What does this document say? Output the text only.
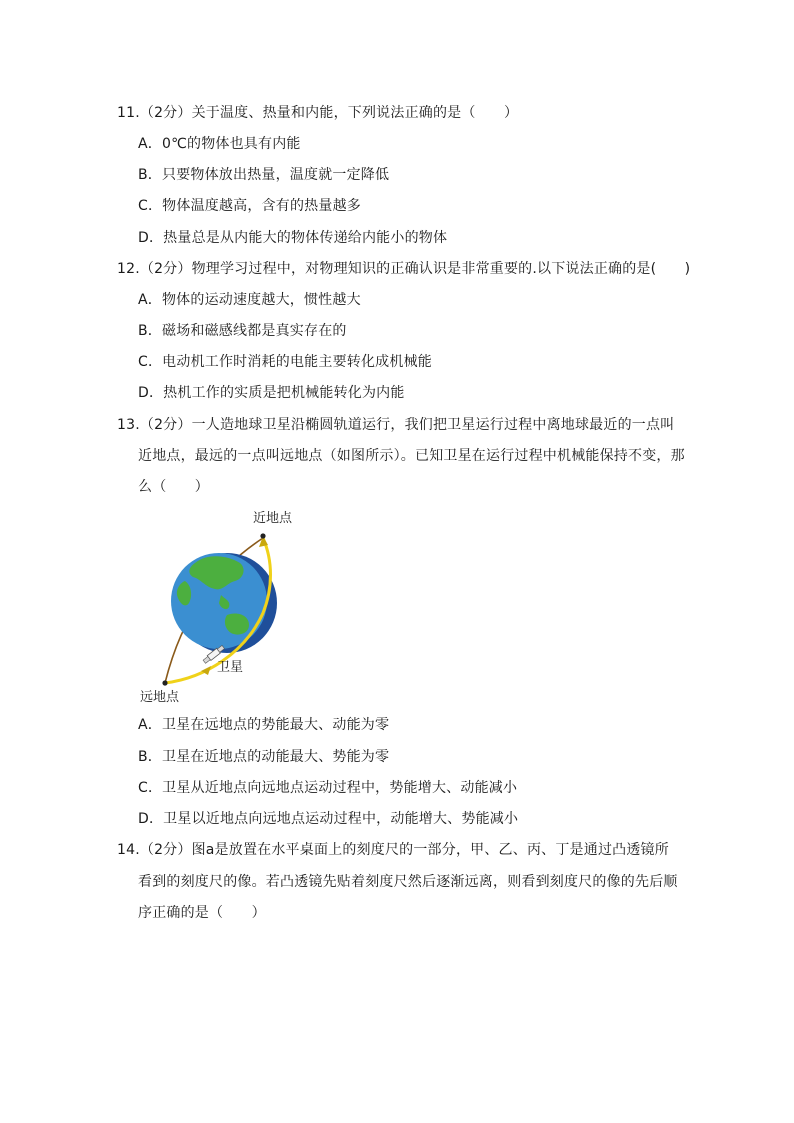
11.（2分）关于温度、热量和内能，下列说法正确的是（　　）
A．0℃的物体也具有内能
B．只要物体放出热量，温度就一定降低
C．物体温度越高，含有的热量越多
D．热量总是从内能大的物体传递给内能小的物体
12.（2分）物理学习过程中，对物理知识的正确认识是非常重要的.以下说法正确的是(　　)
A．物体的运动速度越大，惯性越大
B．磁场和磁感线都是真实存在的
C．电动机工作时消耗的电能主要转化成机械能
D．热机工作的实质是把机械能转化为内能
13.（2分）一人造地球卫星沿椭圆轨道运行，我们把卫星运行过程中离地球最近的一点叫
近地点，最远的一点叫远地点（如图所示）。已知卫星在运行过程中机械能保持不变，那
么（　　）
近地点
卫星
远地点
A．卫星在远地点的势能最大、动能为零
B．卫星在近地点的动能最大、势能为零
C．卫星从近地点向远地点运动过程中，势能增大、动能减小
D．卫星以近地点向远地点运动过程中，动能增大、势能减小
14.（2分）图a是放置在水平桌面上的刻度尺的一部分，甲、乙、丙、丁是通过凸透镜所
看到的刻度尺的像。若凸透镜先贴着刻度尺然后逐渐远离，则看到刻度尺的像的先后顺
序正确的是（　　）
